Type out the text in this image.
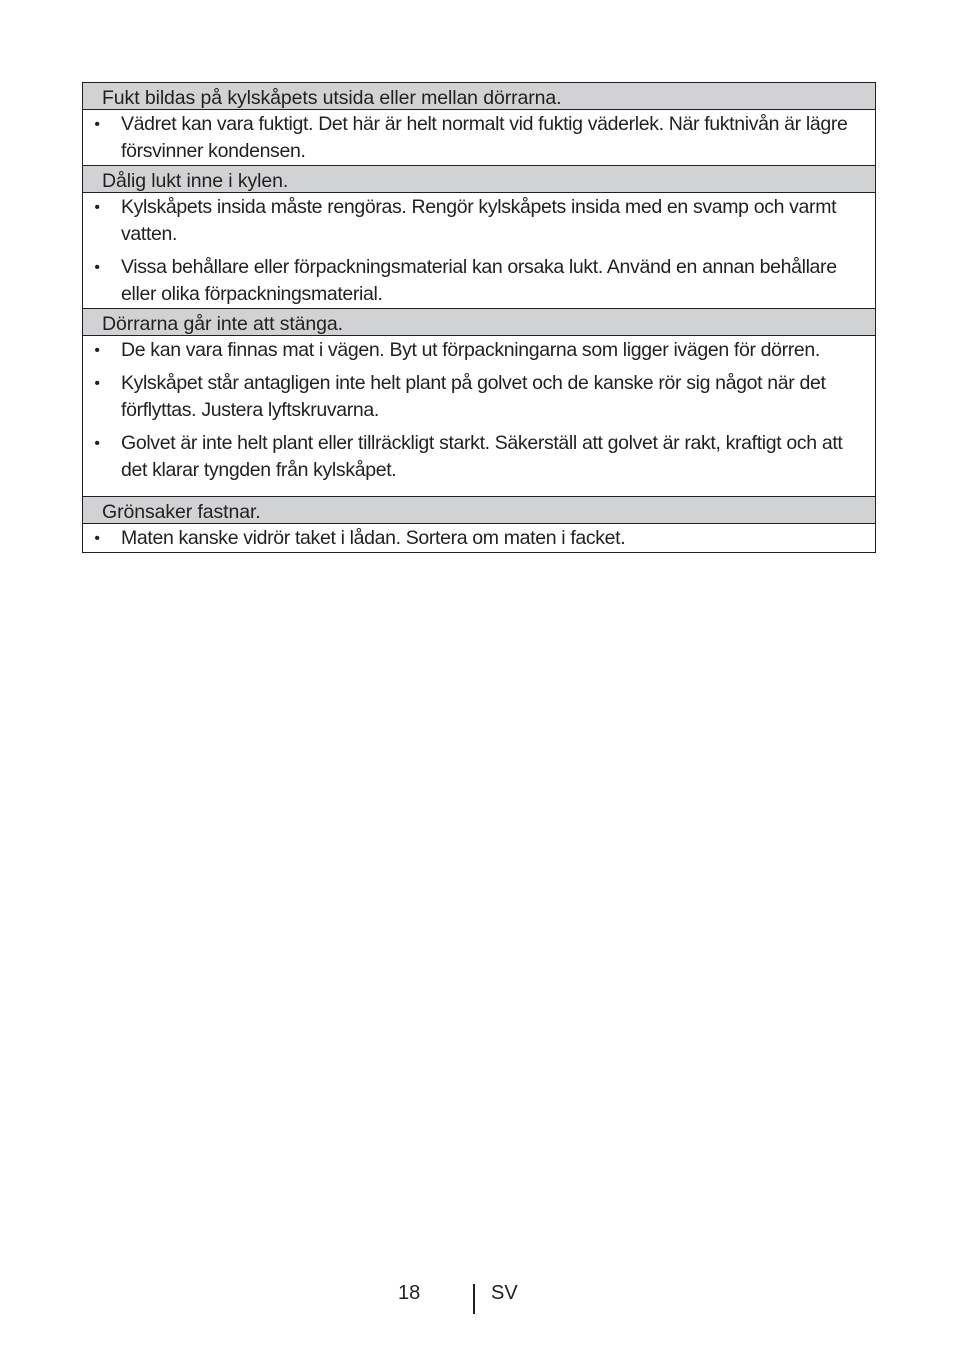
Fukt bildas på kylskåpets utsida eller mellan dörrarna.
• Vädret kan vara fuktigt. Det här är helt normalt vid fuktig väderlek. När fuktnivån är lägre försvinner kondensen.
Dålig lukt inne i kylen.
• Kylskåpets insida måste rengöras. Rengör kylskåpets insida med en svamp och varmt vatten.
• Vissa behållare eller förpackningsmaterial kan orsaka lukt. Använd en annan behållare eller olika förpackningsmaterial.
Dörrarna går inte att stänga.
• De kan vara finnas mat i vägen. Byt ut förpackningarna som ligger ivägen för dörren.
• Kylskåpet står antagligen inte helt plant på golvet och de kanske rör sig något när det förflyttas. Justera lyftskruvarna.
• Golvet är inte helt plant eller tillräckligt starkt. Säkerställ att golvet är rakt, kraftigt och att det klarar tyngden från kylskåpet.
Grönsaker fastnar.
• Maten kanske vidrör taket i lådan. Sortera om maten i facket.
18	SV
